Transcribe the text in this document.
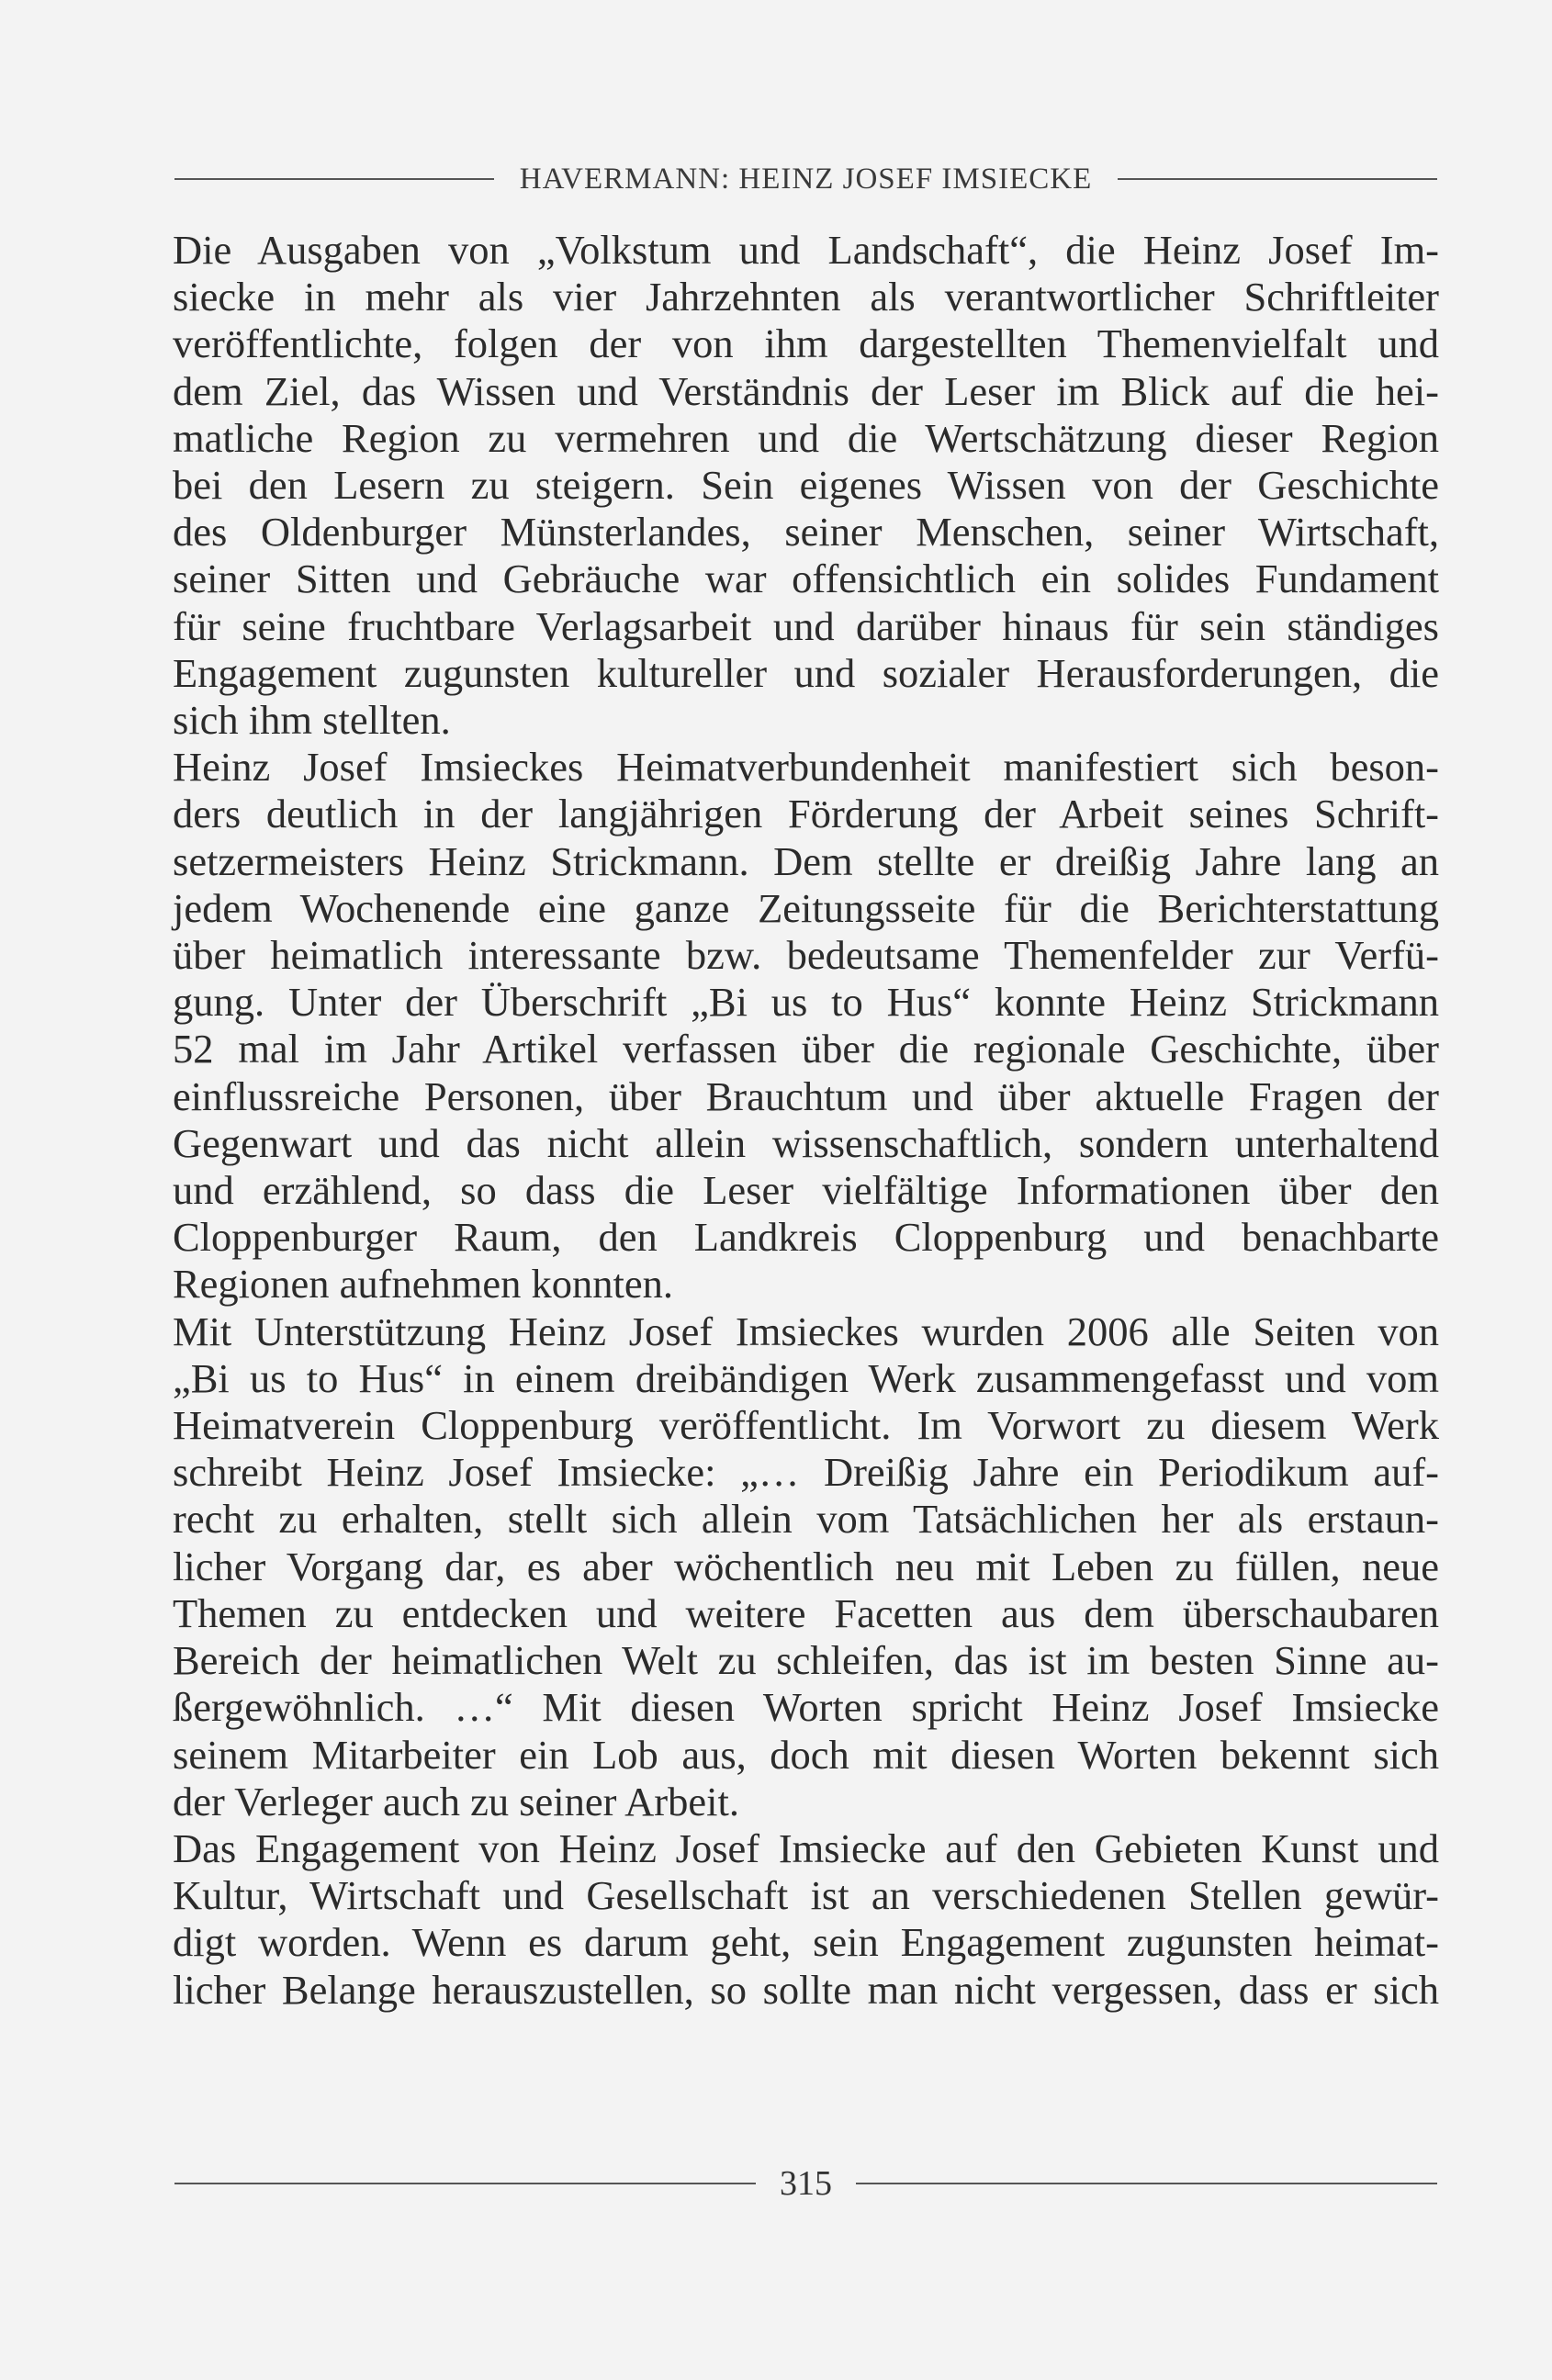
HAVERMANN: HEINZ JOSEF IMSIECKE

Die Ausgaben von „Volkstum und Landschaft“, die Heinz Josef Im-
siecke in mehr als vier Jahrzehnten als verantwortlicher Schriftleiter
veröffentlichte, folgen der von ihm dargestellten Themenvielfalt und
dem Ziel, das Wissen und Verständnis der Leser im Blick auf die hei-
matliche Region zu vermehren und die Wertschätzung dieser Region
bei den Lesern zu steigern. Sein eigenes Wissen von der Geschichte
des Oldenburger Münsterlandes, seiner Menschen, seiner Wirtschaft,
seiner Sitten und Gebräuche war offensichtlich ein solides Fundament
für seine fruchtbare Verlagsarbeit und darüber hinaus für sein ständiges
Engagement zugunsten kultureller und sozialer Herausforderungen, die
sich ihm stellten.

Heinz Josef Imsieckes Heimatverbundenheit manifestiert sich beson-
ders deutlich in der langjährigen Förderung der Arbeit seines Schrift-
setzermeisters Heinz Strickmann. Dem stellte er dreißig Jahre lang an
jedem Wochenende eine ganze Zeitungsseite für die Berichterstattung
über heimatlich interessante bzw. bedeutsame Themenfelder zur Verfü-
gung. Unter der Überschrift „Bi us to Hus“ konnte Heinz Strickmann
52 mal im Jahr Artikel verfassen über die regionale Geschichte, über
einflussreiche Personen, über Brauchtum und über aktuelle Fragen der
Gegenwart und das nicht allein wissenschaftlich, sondern unterhaltend
und erzählend, so dass die Leser vielfältige Informationen über den
Cloppenburger Raum, den Landkreis Cloppenburg und benachbarte
Regionen aufnehmen konnten.

Mit Unterstützung Heinz Josef Imsieckes wurden 2006 alle Seiten von
„Bi us to Hus“ in einem dreibändigen Werk zusammengefasst und vom
Heimatverein Cloppenburg veröffentlicht. Im Vorwort zu diesem Werk
schreibt Heinz Josef Imsiecke: „… Dreißig Jahre ein Periodikum auf-
recht zu erhalten, stellt sich allein vom Tatsächlichen her als erstaun-
licher Vorgang dar, es aber wöchentlich neu mit Leben zu füllen, neue
Themen zu entdecken und weitere Facetten aus dem überschaubaren
Bereich der heimatlichen Welt zu schleifen, das ist im besten Sinne au-
ßergewöhnlich. …“ Mit diesen Worten spricht Heinz Josef Imsiecke
seinem Mitarbeiter ein Lob aus, doch mit diesen Worten bekennt sich
der Verleger auch zu seiner Arbeit.

Das Engagement von Heinz Josef Imsiecke auf den Gebieten Kunst und
Kultur, Wirtschaft und Gesellschaft ist an verschiedenen Stellen gewür-
digt worden. Wenn es darum geht, sein Engagement zugunsten heimat-
licher Belange herauszustellen, so sollte man nicht vergessen, dass er sich

315
